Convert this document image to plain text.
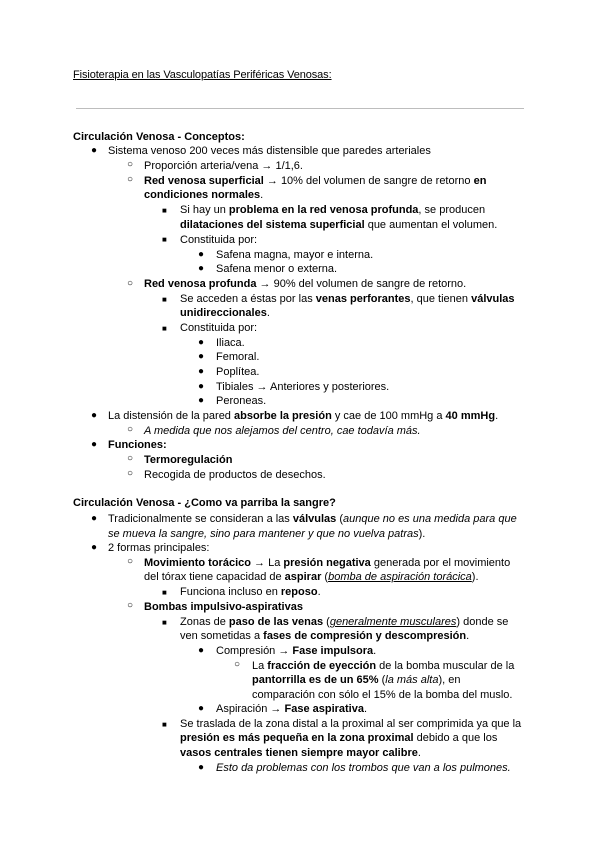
Fisioterapia en las Vasculopatías Periféricas Venosas:
Circulación Venosa - Conceptos:
● Sistema venoso 200 veces más distensible que paredes arteriales
○ Proporción arteria/vena → 1/1,6.
○ Red venosa superficial → 10% del volumen de sangre de retorno en
condiciones normales.
■ Si hay un problema en la red venosa profunda, se producen
dilataciones del sistema superficial que aumentan el volumen.
■ Constituida por:
● Safena magna, mayor e interna.
● Safena menor o externa.
○ Red venosa profunda → 90% del volumen de sangre de retorno.
■ Se acceden a éstas por las venas perforantes, que tienen válvulas
unidireccionales.
■ Constituida por:
● Iliaca.
● Femoral.
● Poplítea.
● Tibiales → Anteriores y posteriores.
● Peroneas.
● La distensión de la pared absorbe la presión y cae de 100 mmHg a 40 mmHg.
○ A medida que nos alejamos del centro, cae todavía más.
● Funciones:
○ Termoregulación
○ Recogida de productos de desechos.
Circulación Venosa - ¿Como va parriba la sangre?
● Tradicionalmente se consideran a las válvulas (aunque no es una medida para que
se mueva la sangre, sino para mantener y que no vuelva patras).
● 2 formas principales:
○ Movimiento torácico → La presión negativa generada por el movimiento
del tórax tiene capacidad de aspirar (bomba de aspiración torácica).
■ Funciona incluso en reposo.
○ Bombas impulsivo-aspirativas
■ Zonas de paso de las venas (generalmente musculares) donde se
ven sometidas a fases de compresión y descompresión.
● Compresión → Fase impulsora.
○ La fracción de eyección de la bomba muscular de la
pantorrilla es de un 65% (la más alta), en
comparación con sólo el 15% de la bomba del muslo.
● Aspiración → Fase aspirativa.
■ Se traslada de la zona distal a la proximal al ser comprimida ya que la
presión es más pequeña en la zona proximal debido a que los
vasos centrales tienen siempre mayor calibre.
● Esto da problemas con los trombos que van a los pulmones.
